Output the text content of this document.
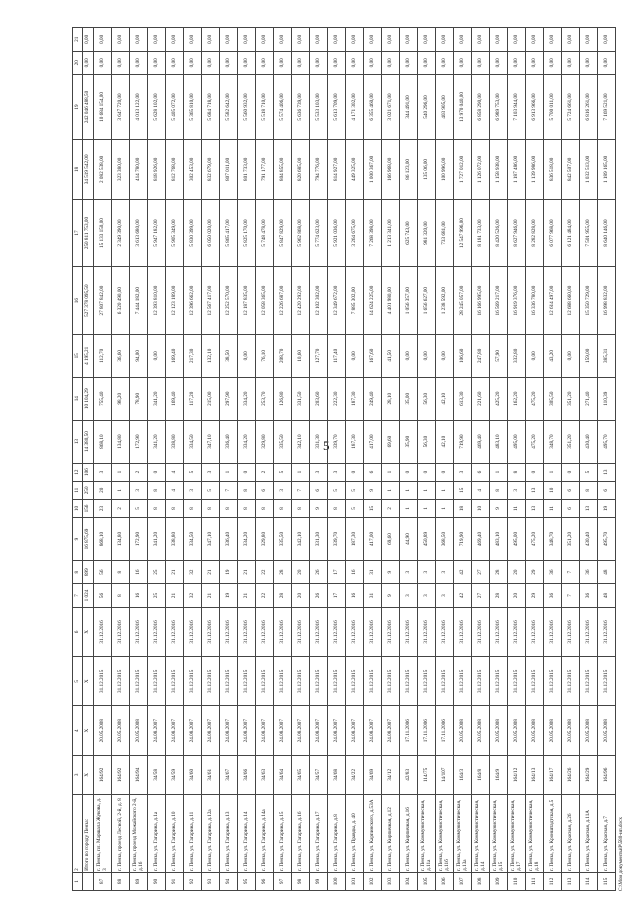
5
1	2	3	4	5	6	7	8	9	10	11	12	13	14	15	16	17	18	19	20	21
	Итого по городу Пенза:	X	X	X	X	1 024	899	16 875,69	156	250	106	14 380,50	10 104,29	4 195,21	527 378 095,50	250 811 753,00	34 519 542,00	242 046 488,50	0,00	0,00
87	г. Пенза, пл. Маршала Жукова, д. 3	164/92	20.05.2008	31.12.2015	31.12.2016	56	56	868,10	23	20	3	868,10	755,40	112,70	27 807 842,00	15 133 150,00	2 082 538,00	10 684 154,00	0,00	0,00
88	г. Пенза, проезд Лесной, 2-й, д. 8	164/92	20.05.2008	31.12.2015	31.12.2016	8	8	134,80	2	1	1	134,80	98,20	36,60	6 320 490,00	2 349 390,00	323 380,00	3 647 720,00	0,00	0,00
89	г. Пенза, проезд Можайского 2-й, д.16	164/94	20.05.2008	31.12.2015	31.12.2016	16	16	172,90	5	3	2	172,90	78,90	94,00	7 444 182,00	3 613 680,00	414 780,00	4 013 122,00	0,00	0,00
90	г. Пенза, ул. Гагарина, д.1а	34/58	24.08.2007	31.12.2015	31.12.2016	25	25	341,20	8	8	0	341,20	341,20	0,00	12 393 810,00	5 947 182,00	818 926,00	5 628 102,00	0,00	0,00
91	г. Пенза, ул. Гагарина, д.10	34/59	24.08.2007	31.12.2015	31.12.2016	21	21	338,80	8	4	4	338,80	169,40	169,40	12 123 189,00	5 905 349,00	812 768,00	5 405 072,00	0,00	0,00
92	г. Пенза, ул. Гагарина, д.11	34/60	24.08.2007	31.12.2015	31.12.2016	32	32	334,50	8	3	5	334,50	117,20	217,30	12 396 662,00	5 830 399,00	302 453,00	5 365 810,00	0,00	0,00
93	г. Пенза, ул. Гагарина, д.12а	34/61	24.08.2007	31.12.2015	31.12.2016	21	21	347,10	8	5	3	347,10	215,00	132,10	12 567 417,00	6 050 020,00	832 679,00	5 684 718,00	0,00	0,00
94	г. Пенза, ул. Гагарина, д.13	34/67	24.08.2007	31.12.2015	31.12.2016	19	19	336,40	8	7	1	336,40	297,90	38,50	12 252 570,00	5 865 417,00	807 011,00	5 582 642,00	0,00	0,00
95	г. Пенза, ул. Гагарина, д.14	34/66	24.08.2007	31.12.2015	31.12.2016	21	21	334,20	8	8	0	334,20	334,20	0,00	12 187 835,00	5 825 170,00	801 733,00	5 560 932,00	0,00	0,00
96	г. Пенза, ул. Гагарина, д.14а	34/63	24.08.2007	31.12.2015	31.12.2016	22	22	329,80	8	6	2	329,80	253,70	76,10	12 058 365,00	5 748 478,00	791 177,00	5 518 710,00	0,00	0,00
97	г. Пенза, ул. Гагарина, д.15	34/64	24.08.2007	31.12.2015	31.12.2016	28	28	335,50	8	3	5	335,50	126,80	208,70	12 226 687,00	5 847 829,00	804 855,00	5 574 406,00	0,00	0,00
98	г. Пенза, ул. Гагарина, д.16	34/65	24.08.2007	31.12.2015	31.12.2016	20	20	342,10	8	7	1	342,10	331,50	10,60	12 420 292,00	5 962 868,00	820 685,00	5 636 739,00	0,00	0,00
99	г. Пенза, ул. Гагарина, д.17	34/57	24.08.2007	31.12.2015	31.12.2016	26	26	331,30	9	6	3	331,30	203,60	127,70	12 102 302,00	5 774 623,00	794 776,00	5 533 103,00	0,00	0,00
100	г. Пенза, ул. Гагарина, д.8	34/68	24.08.2007	31.12.2015	31.12.2016	17	17	339,70	8	5	3	339,70	222,30	117,40	12 349 672,00	5 921 036,00	814 927,00	5 613 709,00	0,00	0,00
101	г. Пенза, ул. Правды, д. 40	34/22	24.08.2007	31.12.2015	31.12.2016	16	16	187,30	5	5	0	187,30	187,30	0,00	7 885 302,00	3 264 675,00	449 325,00	4 171 302,00	0,00	0,00
102	г. Пенза, ул. Карпинского, д.53А	34/69	24.08.2007	31.12.2015	31.12.2016	31	31	417,00	15	9	6	417,00	249,40	167,60	14 624 225,00	7 268 398,00	1 000 367,00	6 355 460,00	0,00	0,00
103	г. Пенза, ул. Кирпичная, д.12	34/12	24.08.2007	31.12.2015	31.12.2016	9	9	69,60	2	1	1	69,60	28,10	41,50	4 401 980,00	1 213 341,00	166 968,00	3 021 671,00	0,00	0,00
104	г. Пенза, ул. Кирпичная, д.16	42/83	17.11.2006	31.12.2015	31.12.2016	3	3	44,90	1	1	0	35,90	35,00	0,00	1 056 357,00	625 743,00	86 123,00	344 491,00	0,00	0,00
105	г. Пенза, ул. Коммунистическая, д.11а	114/75	17.11.2006	31.12.2015	31.12.2016	3	3	450,89	1	1	0	56,30	56,30	0,00	1 656 627,00	981 320,00	135 06,00	540 296,00	0,00	0,00
106	г. Пенза, ул. Коммунистическая, д.11б	14/107	17.11.2006	31.12.2015	31.12.2016	3	3	368,50	1	1	0	42,10	42,10	0,00	1 238 592,00	733 681,00	100 996,00	403 905,00	0,00	0,00
107	г. Пенза, ул. Коммунистическая, д.13а	164/3	20.05.2008	31.12.2015	31.12.2016	42	42	719,90	18	15	3	719,90	613,30	106,60	28 245 057,00	12 547 996,00	1 727 012,00	13 970 040,00	0,00	0,00
108	г. Пенза, ул. Коммунистическая, д.14	164/8	20.05.2008	31.12.2015	31.12.2016	27	27	469,40	10	4	6	469,40	221,60	247,80	16 166 995,00	8 181 733,00	1 126 072,00	6 858 290,00	0,00	0,00
109	г. Пенза, ул. Коммунистическая, д.15	164/9	20.05.2008	31.12.2015	31.12.2016	28	28	483,10	9	8	1	483,10	425,20	57,90	16 569 217,00	8 420 526,00	1 158 938,00	6 989 753,00	0,00	0,00
110	г. Пенза, ул. Коммунистическая, д.17	164/12	20.05.2008	31.12.2015	31.12.2016	20	20	495,00	11	3	8	495,00	162,20	332,80	16 919 376,00	8 627 946,00	1 187 486,00	7 103 944,00	0,00	0,00
111	г. Пенза, ул. Коммунистическая, д.18	164/13	20.05.2008	31.12.2015	31.12.2016	29	29	475,20	13	13	0	475,20	475,20	0,00	16 336 780,00	8 282 828,00	1 139 986,00	6 913 966,00	0,00	0,00
112	г. Пенза, ул. Кронштадтская, д.5	164/17	20.05.2008	31.12.2015	31.12.2016	36	36	348,70	11	10	1	348,70	305,50	43,20	12 614 497,00	6 077 968,00	836 518,00	5 700 011,00	0,00	0,00
113	г. Пенза, ул. Красная, д.26	164/26	20.05.2008	31.12.2015	31.12.2016	7	7	351,20	6	6	0	351,20	351,20	0,00	12 688 660,00	6 121 484,00	842 507,00	5 724 661,00	0,00	0,00
114	г. Пенза, ул. Красная, д.11А	164/29	20.05.2008	31.12.2015	31.12.2016	36	36	430,40	13	8	5	430,40	271,40	159,00	15 350 729,00	7 501 955,00	1 032 513,00	6 816 261,00	0,00	0,00
115	г. Пенза, ул. Красная, д.7	164/96	20.05.2008	31.12.2015	31.12.2016	48	48	495,70	19	6	13	495,70	110,39	385,31	16 998 832,00	8 640 146,00	1 189 165,00	7 169 521,00	0,00	0,00
С:\Мои документы\Р\580-ип.docx
